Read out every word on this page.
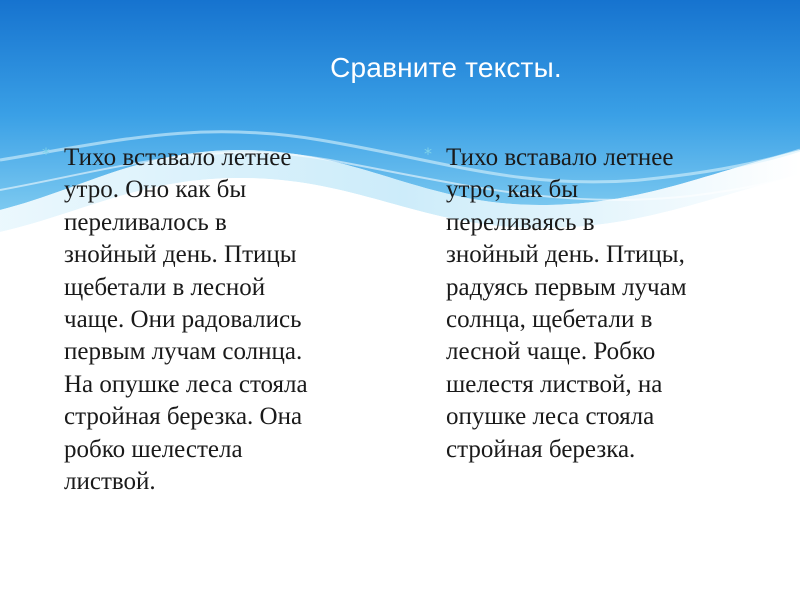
Сравните тексты.
* Тихо вставало летнее
утро. Оно как бы
переливалось в
знойный день. Птицы
щебетали в лесной
чаще. Они радовались
первым лучам солнца.
На опушке леса стояла
стройная березка. Она
робко шелестела
листвой.
* Тихо вставало летнее
утро, как бы
переливаясь в
знойный день. Птицы,
радуясь первым лучам
солнца, щебетали в
лесной чаще. Робко
шелестя листвой, на
опушке леса стояла
стройная березка.
